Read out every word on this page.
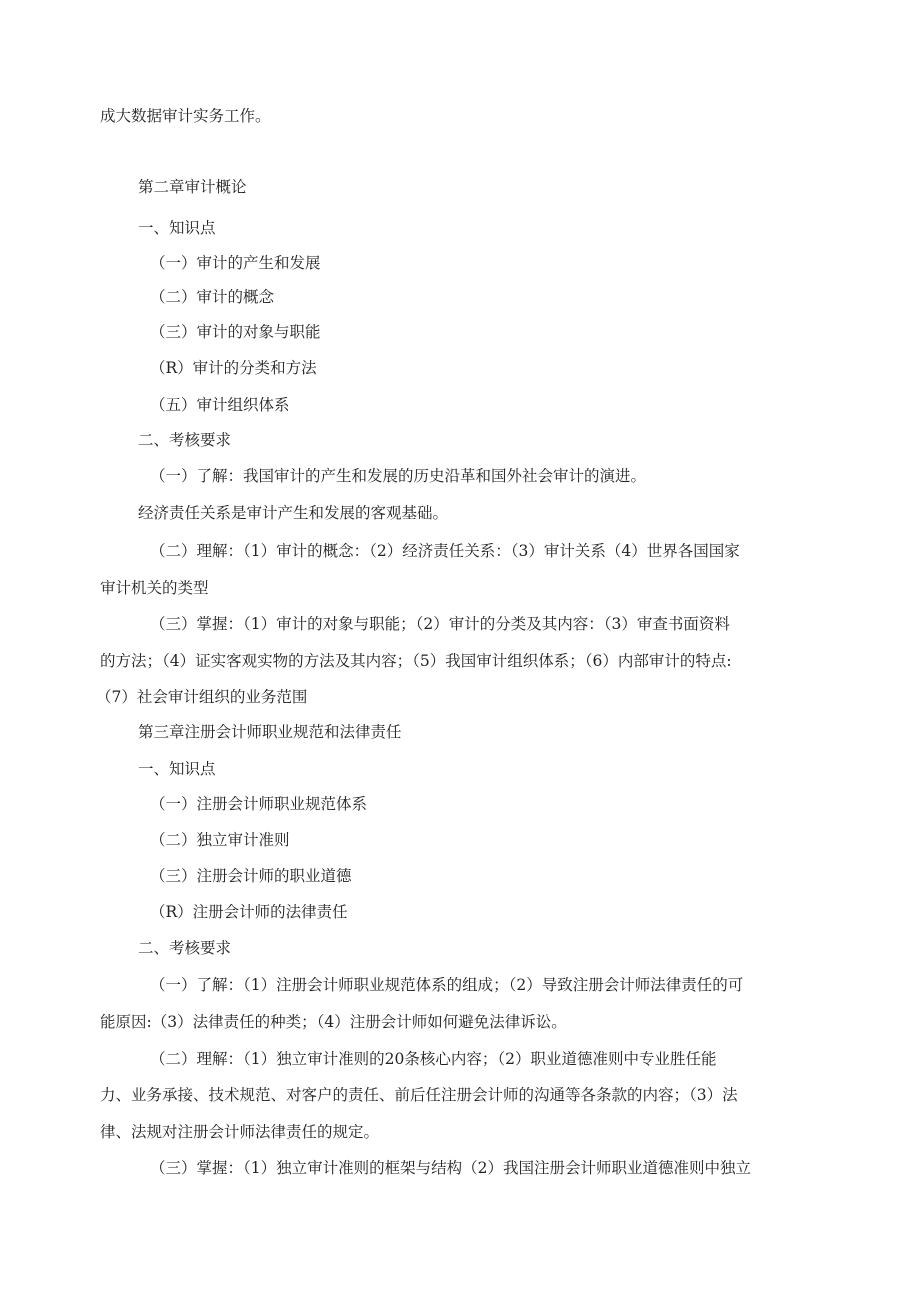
成大数据审计实务工作。
第二章审计概论
一、知识点
（一）审计的产生和发展
（二）审计的概念
（三）审计的对象与职能
（R）审计的分类和方法
（五）审计组织体系
二、考核要求
（一）了解：我国审计的产生和发展的历史沿革和国外社会审计的演进。
经济责任关系是审计产生和发展的客观基础。
（二）理解：（1）审计的概念：（2）经济责任关系：（3）审计关系（4）世界各国国家
审计机关的类型
（三）掌握：（1）审计的对象与职能；（2）审计的分类及其内容：（3）审查书面资料
的方法；（4）证实客观实物的方法及其内容；（5）我国审计组织体系；（6）内部审计的特点:
（7）社会审计组织的业务范围
第三章注册会计师职业规范和法律责任
一、知识点
（一）注册会计师职业规范体系
（二）独立审计准则
（三）注册会计师的职业道德
（R）注册会计师的法律责任
二、考核要求
（一）了解：（1）注册会计师职业规范体系的组成；（2）导致注册会计师法律责任的可
能原因:（3）法律责任的种类；（4）注册会计师如何避免法律诉讼。
（二）理解：（1）独立审计准则的20条核心内容；（2）职业道德准则中专业胜任能
力、业务承接、技术规范、对客户的责任、前后任注册会计师的沟通等各条款的内容；（3）法
律、法规对注册会计师法律责任的规定。
（三）掌握：（1）独立审计准则的框架与结构（2）我国注册会计师职业道德准则中独立
